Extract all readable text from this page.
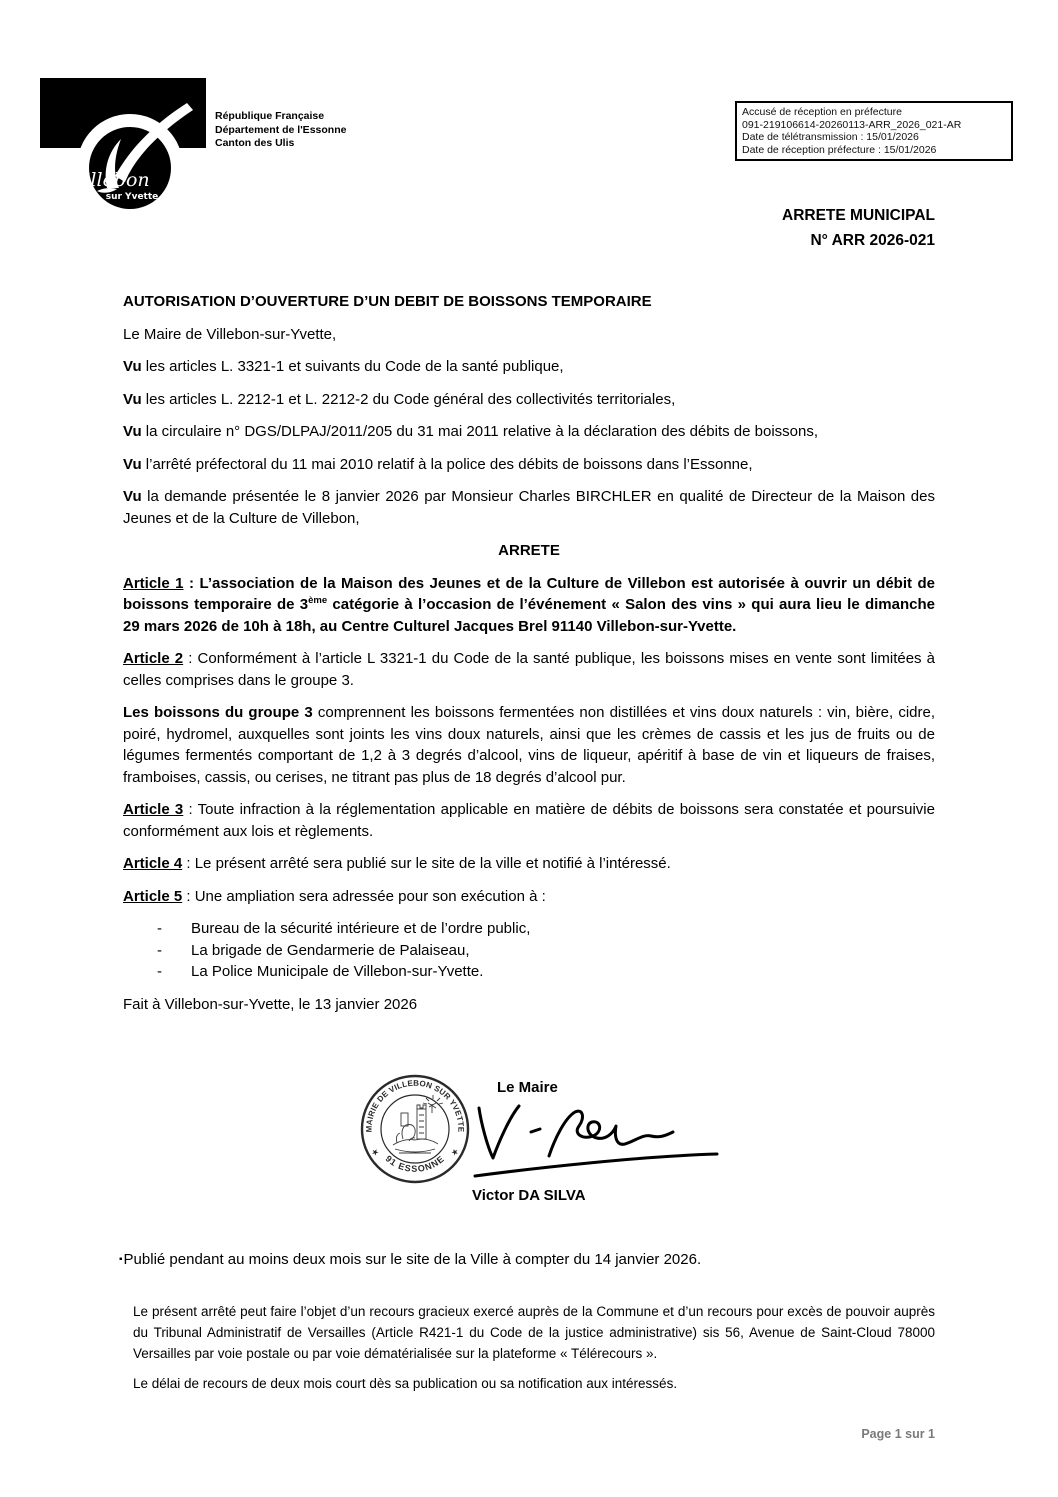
illebon
sur Yvette
République Française
Département de l'Essonne
Canton des Ulis
Accusé de réception en préfecture
091-219106614-20260113-ARR_2026_021-AR
Date de télétransmission : 15/01/2026
Date de réception préfecture : 15/01/2026
ARRETE MUNICIPAL
N° ARR 2026-021

AUTORISATION D’OUVERTURE D’UN DEBIT DE BOISSONS TEMPORAIRE

Le Maire de Villebon-sur-Yvette,

Vu les articles L. 3321-1 et suivants du Code de la santé publique,

Vu les articles L. 2212-1 et L. 2212-2 du Code général des collectivités territoriales,

Vu la circulaire n° DGS/DLPAJ/2011/205 du 31 mai 2011 relative à la déclaration des débits de boissons,

Vu l’arrêté préfectoral du 11 mai 2010 relatif à la police des débits de boissons dans l’Essonne,

Vu la demande présentée le 8 janvier 2026 par Monsieur Charles BIRCHLER en qualité de Directeur de la Maison des Jeunes et de la Culture de Villebon,

ARRETE

Article 1 : L’association de la Maison des Jeunes et de la Culture de Villebon est autorisée à ouvrir un débit de boissons temporaire de 3ème catégorie à l’occasion de l’événement « Salon des vins » qui aura lieu le dimanche 29 mars 2026 de 10h à 18h, au Centre Culturel Jacques Brel 91140 Villebon-sur-Yvette.

Article 2 : Conformément à l’article L 3321-1 du Code de la santé publique, les boissons mises en vente sont limitées à celles comprises dans le groupe 3.

Les boissons du groupe 3 comprennent les boissons fermentées non distillées et vins doux naturels : vin, bière, cidre, poiré, hydromel, auxquelles sont joints les vins doux naturels, ainsi que les crèmes de cassis et les jus de fruits ou de légumes fermentés comportant de 1,2 à 3 degrés d’alcool, vins de liqueur, apéritif à base de vin et liqueurs de fraises, framboises, cassis, ou cerises, ne titrant pas plus de 18 degrés d’alcool pur.

Article 3 : Toute infraction à la réglementation applicable en matière de débits de boissons sera constatée et poursuivie conformément aux lois et règlements.

Article 4 : Le présent arrêté sera publié sur le site de la ville et notifié à l’intéressé.

Article 5 : Une ampliation sera adressée pour son exécution à :

-	Bureau de la sécurité intérieure et de l’ordre public,
-	La brigade de Gendarmerie de Palaiseau,
-	La Police Municipale de Villebon-sur-Yvette.

Fait à Villebon-sur-Yvette, le 13 janvier 2026

MAIRIE DE VILLEBON SUR YVETTE
91 ESSONNE
★	★
Le Maire
Victor DA SILVA

▪Publié pendant au moins deux mois sur le site de la Ville à compter du 14 janvier 2026.

Le présent arrêté peut faire l’objet d’un recours gracieux exercé auprès de la Commune et d’un recours pour excès de pouvoir auprès du Tribunal Administratif de Versailles (Article R421-1 du Code de la justice administrative) sis 56, Avenue de Saint-Cloud 78000 Versailles par voie postale ou par voie dématérialisée sur la plateforme « Télérecours ».

Le délai de recours de deux mois court dès sa publication ou sa notification aux intéressés.

Page 1 sur 1
